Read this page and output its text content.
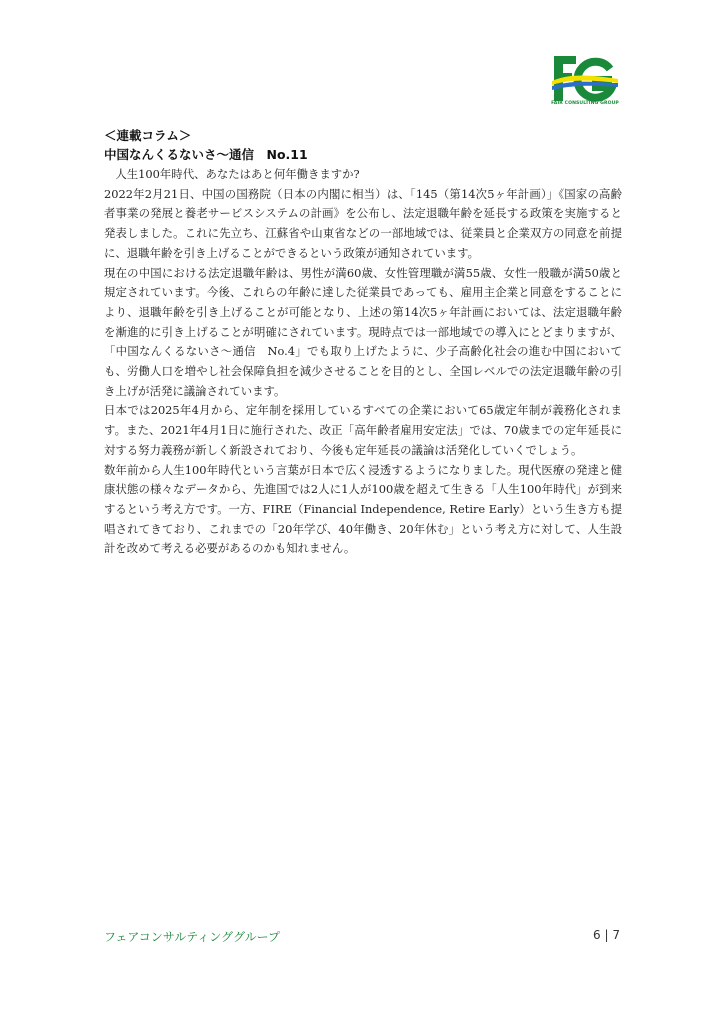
FAIR CONSULTING GROUP
＜連載コラム＞
中国なんくるないさ〜通信　No.11

人生100年時代、あなたはあと何年働きますか?

2022年2月21日、中国の国務院（日本の内閣に相当）は、「145（第14次5ヶ年計画）」《国家の高齢者事業の発展と養老サービスシステムの計画》を公布し、法定退職年齢を延長する政策を実施すると発表しました。これに先立ち、江蘇省や山東省などの一部地域では、従業員と企業双方の同意を前提に、退職年齢を引き上げることができるという政策が通知されています。

現在の中国における法定退職年齢は、男性が満60歳、女性管理職が満55歳、女性一般職が満50歳と規定されています。今後、これらの年齢に達した従業員であっても、雇用主企業と同意をすることにより、退職年齢を引き上げることが可能となり、上述の第14次5ヶ年計画においては、法定退職年齢を漸進的に引き上げることが明確にされています。現時点では一部地域での導入にとどまりますが、「中国なんくるないさ〜通信　No.4」でも取り上げたように、少子高齢化社会の進む中国においても、労働人口を増やし社会保障負担を減少させることを目的とし、全国レベルでの法定退職年齢の引き上げが活発に議論されています。

日本では2025年4月から、定年制を採用しているすべての企業において65歳定年制が義務化されます。また、2021年4月1日に施行された、改正「高年齢者雇用安定法」では、70歳までの定年延長に対する努力義務が新しく新設されており、今後も定年延長の議論は活発化していくでしょう。

数年前から人生100年時代という言葉が日本で広く浸透するようになりました。現代医療の発達と健康状態の様々なデータから、先進国では2人に1人が100歳を超えて生きる「人生100年時代」が到来するという考え方です。一方、FIRE（Financial Independence, Retire Early）という生き方も提唱されてきており、これまでの「20年学び、40年働き、20年休む」という考え方に対して、人生設計を改めて考える必要があるのかも知れません。

フェアコンサルティンググループ	6 | 7
